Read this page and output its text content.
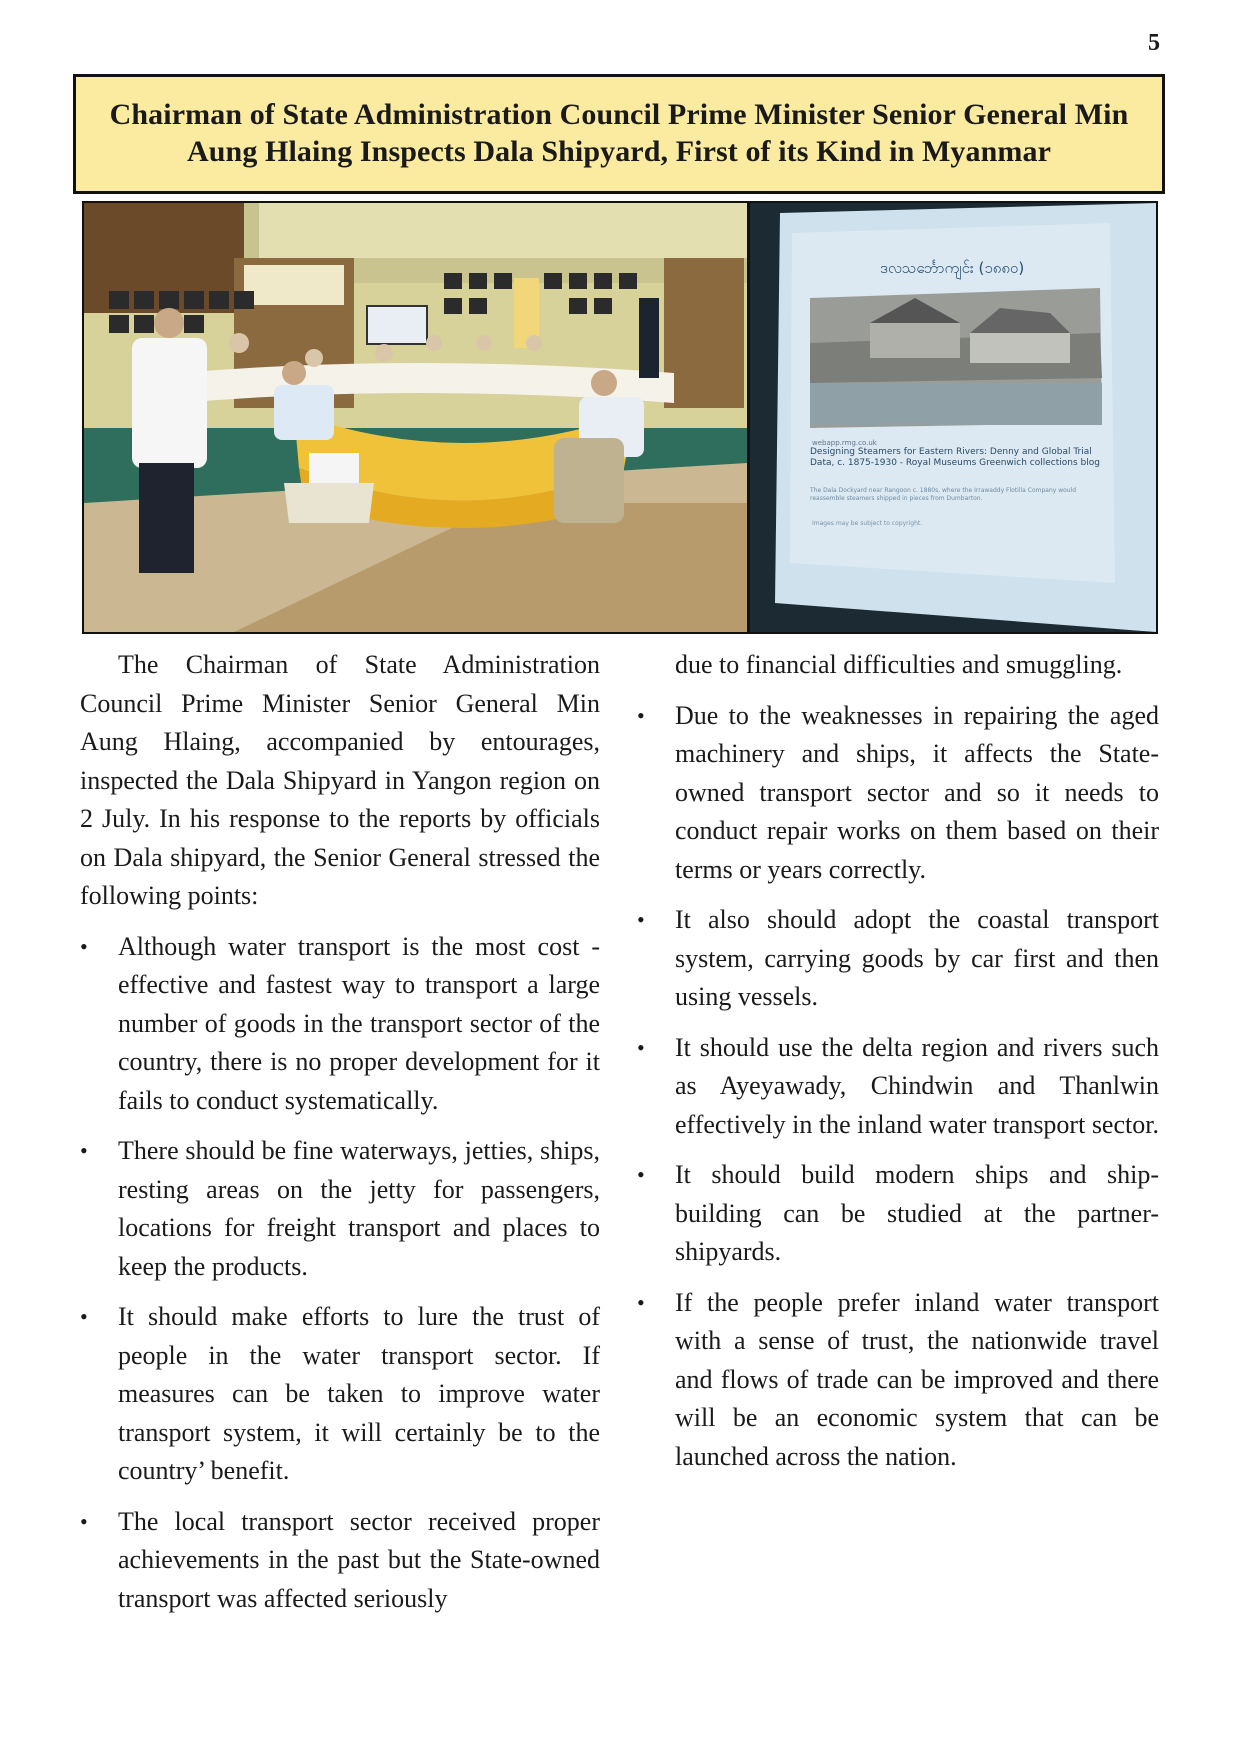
5
Chairman of State Administration Council Prime Minister Senior General Min Aung Hlaing Inspects Dala Shipyard, First of its Kind in Myanmar
ဒလသင်္ဘောကျင်း (၁၈၈၀)
webapp.rmg.co.uk
Designing Steamers for Eastern Rivers: Denny and Global Trial Data, c. 1875-1930 - Royal Museums Greenwich collections blog
The Dala Dockyard near Rangoon c. 1880s, where the Irrawaddy Flotilla Company would reassemble steamers shipped in pieces from Dumbarton.
Images may be subject to copyright.

The Chairman of State Administration Council Prime Minister Senior General Min Aung Hlaing, accompanied by entourages, inspected the Dala Shipyard in Yangon region on 2 July. In his response to the reports by officials on Dala shipyard, the Senior General stressed the following points:

• Although water transport is the most cost -effective and fastest way to transport a large number of goods in the transport sector of the country, there is no proper development for it fails to conduct systematically.
• There should be fine waterways, jetties, ships, resting areas on the jetty for passengers, locations for freight transport and places to keep the products.
• It should make efforts to lure the trust of people in the water transport sector. If measures can be taken to improve water transport system, it will certainly be to the country’ benefit.
• The local transport sector received proper achievements in the past but the State-owned transport was affected seriously

due to financial difficulties and smuggling.

• Due to the weaknesses in repairing the aged machinery and ships, it affects the State-owned transport sector and so it needs to conduct repair works on them based on their terms or years correctly.
• It also should adopt the coastal transport system, carrying goods by car first and then using vessels.
• It should use the delta region and rivers such as Ayeyawady, Chindwin and Thanlwin effectively in the inland water transport sector.
• It should build modern ships and ship-building can be studied at the partner-shipyards.
• If the people prefer inland water transport with a sense of trust, the nationwide travel and flows of trade can be improved and there will be an economic system that can be launched across the nation.
